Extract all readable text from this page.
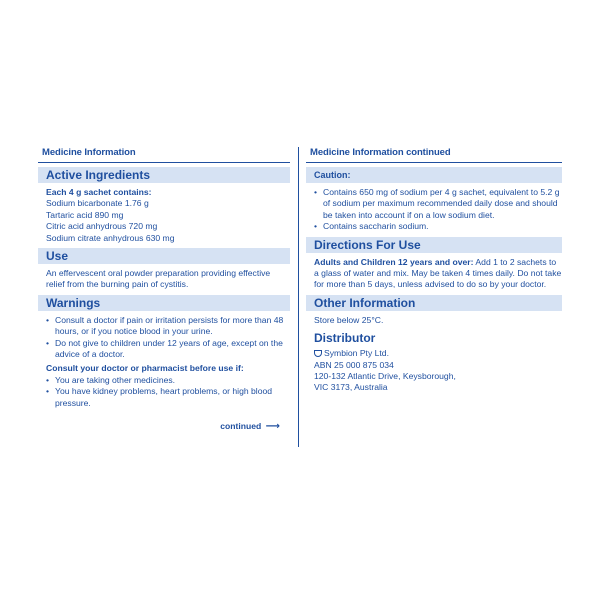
Medicine Information
Active Ingredients
Each 4 g sachet contains:
Sodium bicarbonate 1.76 g
Tartaric acid 890 mg
Citric acid anhydrous 720 mg
Sodium citrate anhydrous 630 mg
Use
An effervescent oral powder preparation providing effective relief from the burning pain of cystitis.
Warnings
• Consult a doctor if pain or irritation persists for more than 48 hours, or if you notice blood in your urine.
• Do not give to children under 12 years of age, except on the advice of a doctor.
Consult your doctor or pharmacist before use if:
• You are taking other medicines.
• You have kidney problems, heart problems, or high blood pressure.
continued ⟶
Medicine Information continued
Caution:
• Contains 650 mg of sodium per 4 g sachet, equivalent to 5.2 g of sodium per maximum recommended daily dose and should be taken into account if on a low sodium diet.
• Contains saccharin sodium.
Directions For Use
Adults and Children 12 years and over: Add 1 to 2 sachets to a glass of water and mix. May be taken 4 times daily. Do not take for more than 5 days, unless advised to do so by your doctor.
Other Information
Store below 25°C.
Distributor
Symbion Pty Ltd.
ABN 25 000 875 034
120-132 Atlantic Drive, Keysborough,
VIC 3173, Australia
